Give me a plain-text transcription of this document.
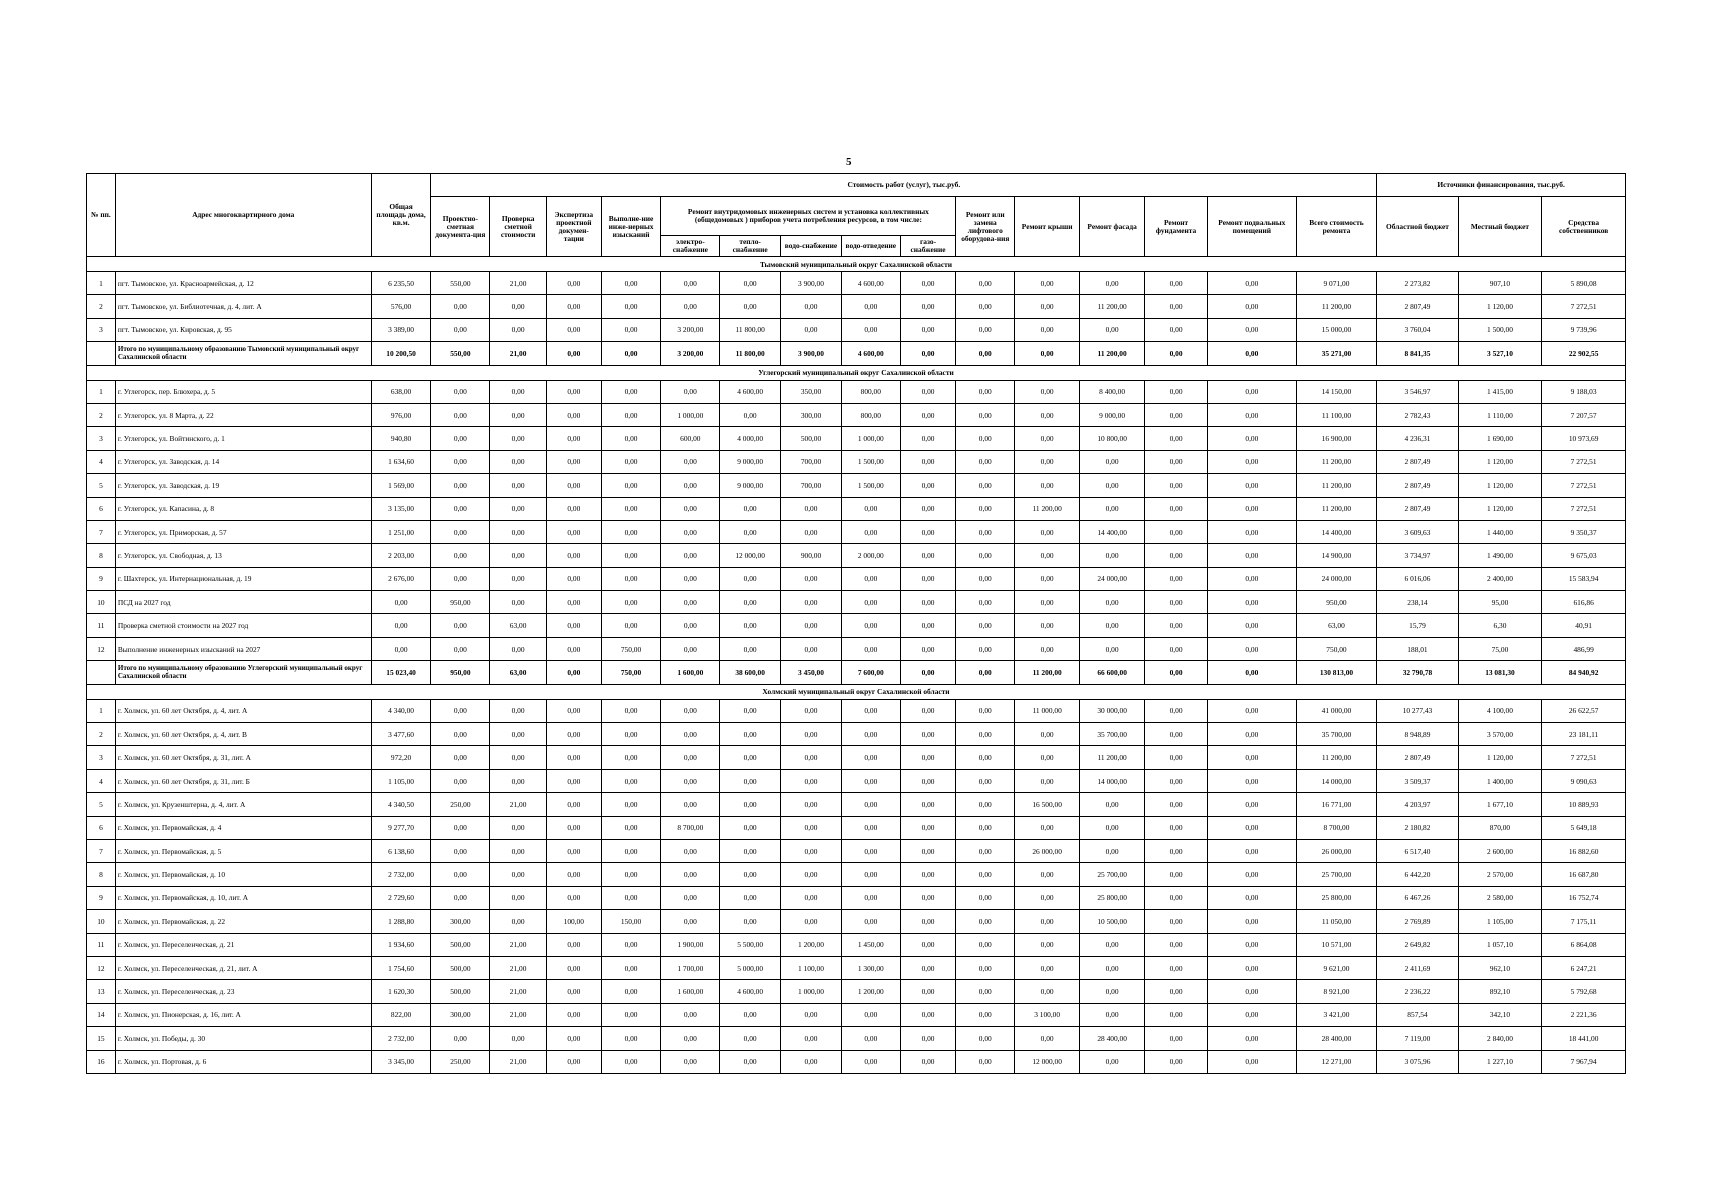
5
№ пп.	Адрес многоквартирного дома	Общая площадь дома, кв.м.	Стоимость работ (услуг), тыс.руб.															Источники финансирования, тыс.руб.		
			Проектно-сметная документа-ция	Проверка сметной стоимости	Экспертиза проектной докумен-тации	Выполне-ние инже-нерных изысканий	Ремонт внутридомовых инженерных систем и установка коллективных (общедомовых ) приборов учета потребления ресурсов, в том числе:					Ремонт или замена лифтового оборудова-ния	Ремонт крыши	Ремонт фасада	Ремонт фундамента	Ремонт подвальных помещений	Всего стоимость ремонта	Областной бюджет	Местный бюджет	Средства собственников
							электро-снабжение	тепло-снабжение	водо-снабжение	водо-отведение	газо-снабжение									
Тымовский муниципальный округ Сахалинской области																				
1	пгт. Тымовское, ул. Красноармейская, д. 12	6 235,50	550,00	21,00	0,00	0,00	0,00	0,00	3 900,00	4 600,00	0,00	0,00	0,00	0,00	0,00	0,00	9 071,00	2 273,82	907,10	5 890,08
2	пгт. Тымовское, ул. Библиотечная, д. 4, лит. А	576,00	0,00	0,00	0,00	0,00	0,00	0,00	0,00	0,00	0,00	0,00	0,00	11 200,00	0,00	0,00	11 200,00	2 807,49	1 120,00	7 272,51
3	пгт. Тымовское, ул. Кировская, д. 95	3 389,00	0,00	0,00	0,00	0,00	3 200,00	11 800,00	0,00	0,00	0,00	0,00	0,00	0,00	0,00	0,00	15 000,00	3 760,04	1 500,00	9 739,96
	Итого по муниципальному образованию Тымовский муниципальный округ Сахалинской области	10 200,50	550,00	21,00	0,00	0,00	3 200,00	11 800,00	3 900,00	4 600,00	0,00	0,00	0,00	11 200,00	0,00	0,00	35 271,00	8 841,35	3 527,10	22 902,55
Углегорский муниципальный округ Сахалинской области																				
1	г. Углегорск, пер. Блюхера, д. 5	638,00	0,00	0,00	0,00	0,00	0,00	4 600,00	350,00	800,00	0,00	0,00	0,00	8 400,00	0,00	0,00	14 150,00	3 546,97	1 415,00	9 188,03
2	г. Углегорск, ул. 8 Марта, д. 22	976,00	0,00	0,00	0,00	0,00	1 000,00	0,00	300,00	800,00	0,00	0,00	0,00	9 000,00	0,00	0,00	11 100,00	2 782,43	1 110,00	7 207,57
3	г. Углегорск, ул. Войтинского, д. 1	940,80	0,00	0,00	0,00	0,00	600,00	4 000,00	500,00	1 000,00	0,00	0,00	0,00	10 800,00	0,00	0,00	16 900,00	4 236,31	1 690,00	10 973,69
4	г. Углегорск, ул. Заводская, д. 14	1 634,60	0,00	0,00	0,00	0,00	0,00	9 000,00	700,00	1 500,00	0,00	0,00	0,00	0,00	0,00	0,00	11 200,00	2 807,49	1 120,00	7 272,51
5	г. Углегорск, ул. Заводская, д. 19	1 569,00	0,00	0,00	0,00	0,00	0,00	9 000,00	700,00	1 500,00	0,00	0,00	0,00	0,00	0,00	0,00	11 200,00	2 807,49	1 120,00	7 272,51
6	г. Углегорск, ул. Капасина, д. 8	3 135,00	0,00	0,00	0,00	0,00	0,00	0,00	0,00	0,00	0,00	0,00	11 200,00	0,00	0,00	0,00	11 200,00	2 807,49	1 120,00	7 272,51
7	г. Углегорск, ул. Приморская, д. 57	1 251,00	0,00	0,00	0,00	0,00	0,00	0,00	0,00	0,00	0,00	0,00	0,00	14 400,00	0,00	0,00	14 400,00	3 609,63	1 440,00	9 350,37
8	г. Углегорск, ул. Свободная, д. 13	2 203,00	0,00	0,00	0,00	0,00	0,00	12 000,00	900,00	2 000,00	0,00	0,00	0,00	0,00	0,00	0,00	14 900,00	3 734,97	1 490,00	9 675,03
9	г. Шахтерск, ул. Интернациональная, д. 19	2 676,00	0,00	0,00	0,00	0,00	0,00	0,00	0,00	0,00	0,00	0,00	0,00	24 000,00	0,00	0,00	24 000,00	6 016,06	2 400,00	15 583,94
10	ПСД на 2027 год	0,00	950,00	0,00	0,00	0,00	0,00	0,00	0,00	0,00	0,00	0,00	0,00	0,00	0,00	0,00	950,00	238,14	95,00	616,86
11	Проверка сметной стоимости на 2027 год	0,00	0,00	63,00	0,00	0,00	0,00	0,00	0,00	0,00	0,00	0,00	0,00	0,00	0,00	0,00	63,00	15,79	6,30	40,91
12	Выполнение инженерных изысканий на 2027	0,00	0,00	0,00	0,00	750,00	0,00	0,00	0,00	0,00	0,00	0,00	0,00	0,00	0,00	0,00	750,00	188,01	75,00	486,99
	Итого по муниципальному образованию Углегорский муниципальный округ Сахалинской области	15 023,40	950,00	63,00	0,00	750,00	1 600,00	38 600,00	3 450,00	7 600,00	0,00	0,00	11 200,00	66 600,00	0,00	0,00	130 813,00	32 790,78	13 081,30	84 940,92
Холмский муниципальный округ Сахалинской области																				
1	г. Холмск, ул. 60 лет Октября, д. 4, лит. А	4 340,00	0,00	0,00	0,00	0,00	0,00	0,00	0,00	0,00	0,00	0,00	11 000,00	30 000,00	0,00	0,00	41 000,00	10 277,43	4 100,00	26 622,57
2	г. Холмск, ул. 60 лет Октября, д. 4, лит. В	3 477,60	0,00	0,00	0,00	0,00	0,00	0,00	0,00	0,00	0,00	0,00	0,00	35 700,00	0,00	0,00	35 700,00	8 948,89	3 570,00	23 181,11
3	г. Холмск, ул. 60 лет Октября, д. 31, лит. А	972,20	0,00	0,00	0,00	0,00	0,00	0,00	0,00	0,00	0,00	0,00	0,00	11 200,00	0,00	0,00	11 200,00	2 807,49	1 120,00	7 272,51
4	г. Холмск, ул. 60 лет Октября, д. 31, лит. Б	1 105,00	0,00	0,00	0,00	0,00	0,00	0,00	0,00	0,00	0,00	0,00	0,00	14 000,00	0,00	0,00	14 000,00	3 509,37	1 400,00	9 090,63
5	г. Холмск, ул. Крузенштерна, д. 4, лит. А	4 340,50	250,00	21,00	0,00	0,00	0,00	0,00	0,00	0,00	0,00	0,00	16 500,00	0,00	0,00	0,00	16 771,00	4 203,97	1 677,10	10 889,93
6	г. Холмск, ул. Первомайская, д. 4	9 277,70	0,00	0,00	0,00	0,00	8 700,00	0,00	0,00	0,00	0,00	0,00	0,00	0,00	0,00	0,00	8 700,00	2 180,82	870,00	5 649,18
7	г. Холмск, ул. Первомайская, д. 5	6 138,60	0,00	0,00	0,00	0,00	0,00	0,00	0,00	0,00	0,00	0,00	26 000,00	0,00	0,00	0,00	26 000,00	6 517,40	2 600,00	16 882,60
8	г. Холмск, ул. Первомайская, д. 10	2 732,00	0,00	0,00	0,00	0,00	0,00	0,00	0,00	0,00	0,00	0,00	0,00	25 700,00	0,00	0,00	25 700,00	6 442,20	2 570,00	16 687,80
9	г. Холмск, ул. Первомайская, д. 10, лит. А	2 729,60	0,00	0,00	0,00	0,00	0,00	0,00	0,00	0,00	0,00	0,00	0,00	25 800,00	0,00	0,00	25 800,00	6 467,26	2 580,00	16 752,74
10	г. Холмск, ул. Первомайская, д. 22	1 288,80	300,00	0,00	100,00	150,00	0,00	0,00	0,00	0,00	0,00	0,00	0,00	10 500,00	0,00	0,00	11 050,00	2 769,89	1 105,00	7 175,11
11	г. Холмск, ул. Переселенческая, д. 21	1 934,60	500,00	21,00	0,00	0,00	1 900,00	5 500,00	1 200,00	1 450,00	0,00	0,00	0,00	0,00	0,00	0,00	10 571,00	2 649,82	1 057,10	6 864,08
12	г. Холмск, ул. Переселенческая, д. 21, лит. А	1 754,60	500,00	21,00	0,00	0,00	1 700,00	5 000,00	1 100,00	1 300,00	0,00	0,00	0,00	0,00	0,00	0,00	9 621,00	2 411,69	962,10	6 247,21
13	г. Холмск, ул. Переселенческая, д. 23	1 620,30	500,00	21,00	0,00	0,00	1 600,00	4 600,00	1 000,00	1 200,00	0,00	0,00	0,00	0,00	0,00	0,00	8 921,00	2 236,22	892,10	5 792,68
14	г. Холмск, ул. Пионерская, д. 16, лит. А	822,00	300,00	21,00	0,00	0,00	0,00	0,00	0,00	0,00	0,00	0,00	3 100,00	0,00	0,00	0,00	3 421,00	857,54	342,10	2 221,36
15	г. Холмск, ул. Победы, д. 30	2 732,00	0,00	0,00	0,00	0,00	0,00	0,00	0,00	0,00	0,00	0,00	0,00	28 400,00	0,00	0,00	28 400,00	7 119,00	2 840,00	18 441,00
16	г. Холмск, ул. Портовая, д. 6	3 345,00	250,00	21,00	0,00	0,00	0,00	0,00	0,00	0,00	0,00	0,00	12 000,00	0,00	0,00	0,00	12 271,00	3 075,96	1 227,10	7 967,94
